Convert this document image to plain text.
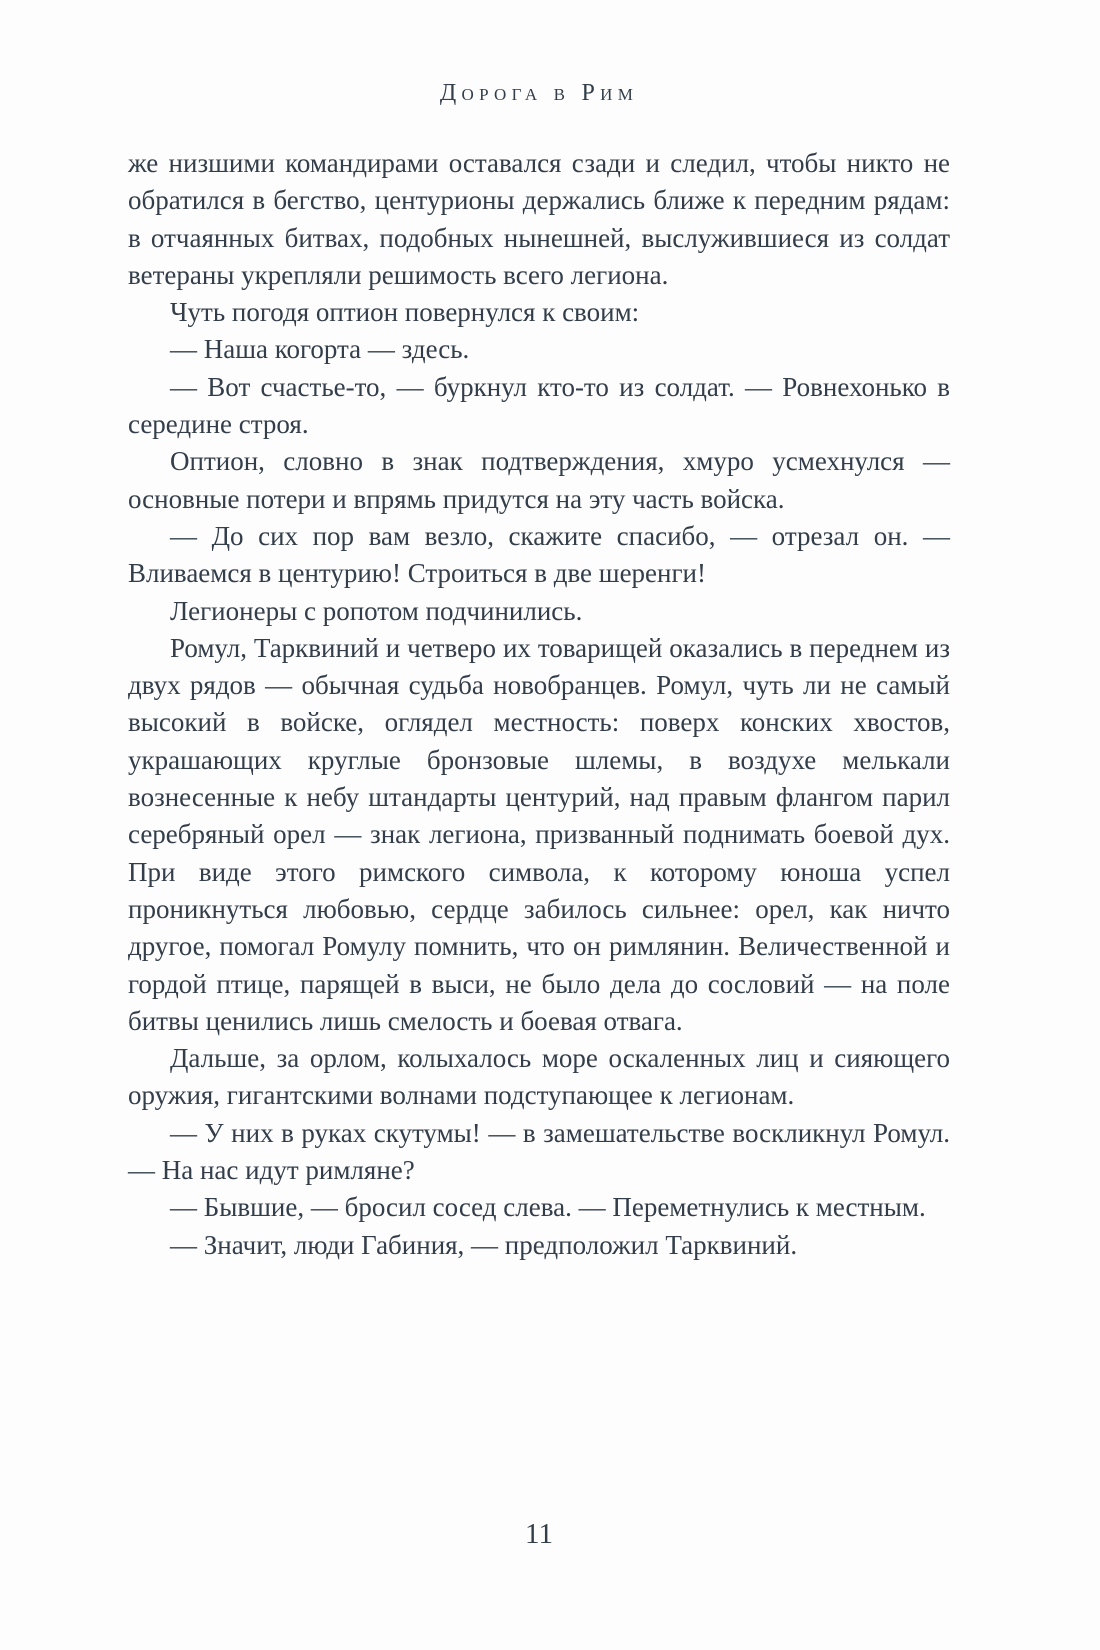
Дорога в Рим

же низшими командирами оставался сзади и следил, чтобы никто не обратился в бегство, центурионы держались ближе к передним рядам: в отчаянных битвах, подобных нынешней, выслужившиеся из солдат ветераны укрепляли решимость всего легиона.

Чуть погодя оптион повернулся к своим:

— Наша когорта — здесь.

— Вот счастье-то, — буркнул кто-то из солдат. — Ровнехонько в середине строя.

Оптион, словно в знак подтверждения, хмуро усмехнулся — основные потери и впрямь придутся на эту часть войска.

— До сих пор вам везло, скажите спасибо, — отрезал он. — Вливаемся в центурию! Строиться в две шеренги!

Легионеры с ропотом подчинились.

Ромул, Тарквиний и четверо их товарищей оказались в переднем из двух рядов — обычная судьба новобранцев. Ромул, чуть ли не самый высокий в войске, оглядел местность: поверх конских хвостов, украшающих круглые бронзовые шлемы, в воздухе мелькали вознесенные к небу штандарты центурий, над правым флангом парил серебряный орел — знак легиона, призванный поднимать боевой дух. При виде этого римского символа, к которому юноша успел проникнуться любовью, сердце забилось сильнее: орел, как ничто другое, помогал Ромулу помнить, что он римлянин. Величественной и гордой птице, парящей в выси, не было дела до сословий — на поле битвы ценились лишь смелость и боевая отвага.

Дальше, за орлом, колыхалось море оскаленных лиц и сияющего оружия, гигантскими волнами подступающее к легионам.

— У них в руках скутумы! — в замешательстве воскликнул Ромул. — На нас идут римляне?

— Бывшие, — бросил сосед слева. — Переметнулись к местным.

— Значит, люди Габиния, — предположил Тарквиний.

11
